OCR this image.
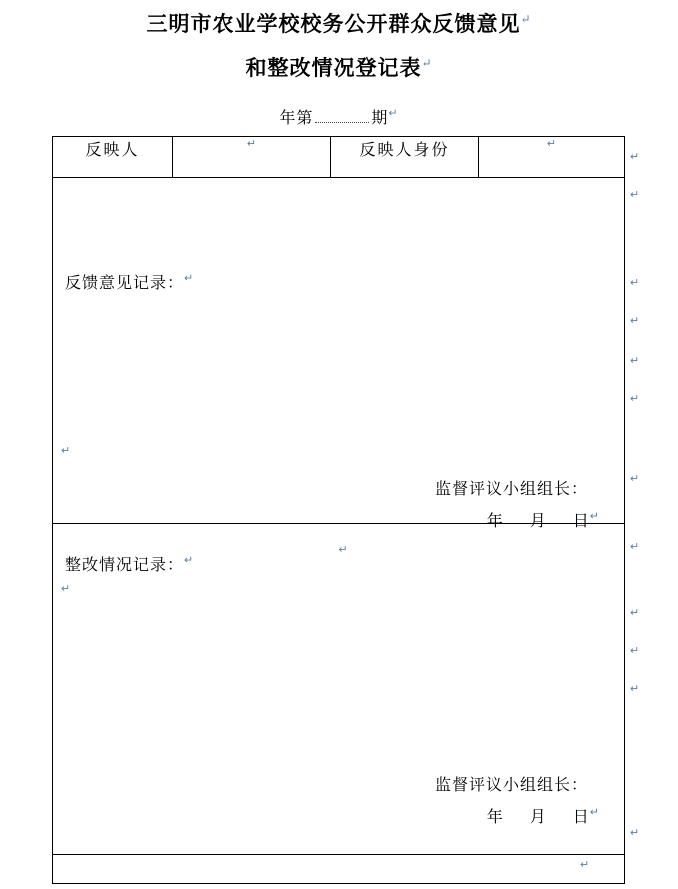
三明市农业学校校务公开群众反馈意见↵
和整改情况登记表↵
年第	期↵
反映人	↵	反映人身份	↵

反馈意见记录：↵
↵
监督评议小组组长：
年 月 日↵
↵

整改情况记录：↵
↵
监督评议小组组长：
年 月 日↵

↵
↵
↵
↵
↵
↵
↵
↵
↵
↵
↵
↵
↵
